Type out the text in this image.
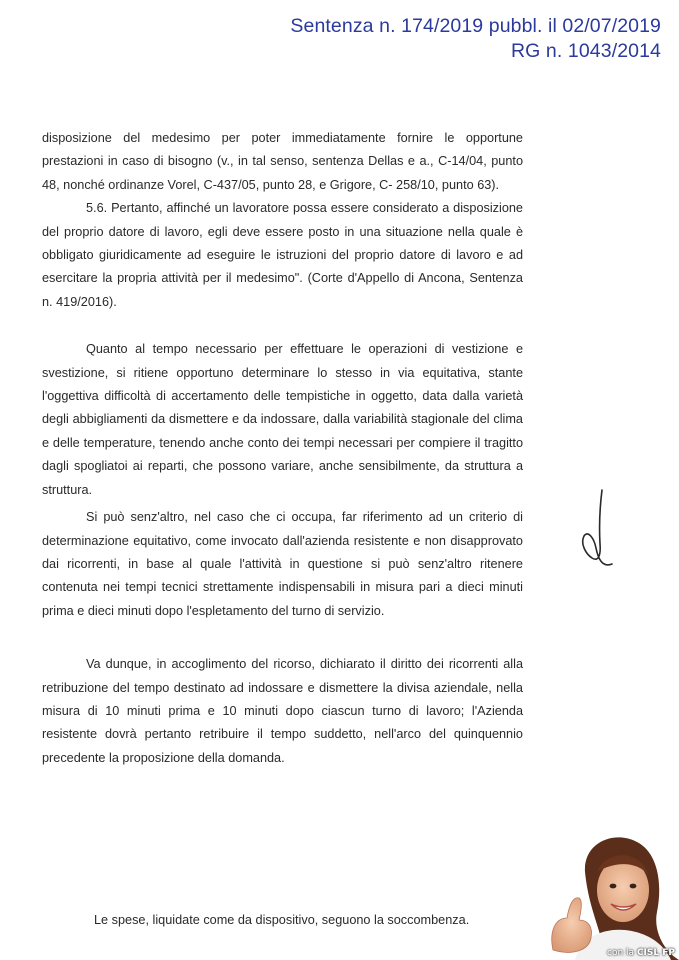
Sentenza n. 174/2019 pubbl. il 02/07/2019
RG n. 1043/2014

disposizione del medesimo per poter immediatamente fornire le opportune prestazioni in caso di bisogno (v., in tal senso, sentenza Dellas e a., C-14/04, punto 48, nonché ordinanze Vorel, C-437/05, punto 28, e Grigore, C- 258/10, punto 63).

5.6. Pertanto, affinché un lavoratore possa essere considerato a disposizione del proprio datore di lavoro, egli deve essere posto in una situazione nella quale è obbligato giuridicamente ad eseguire le istruzioni del proprio datore di lavoro e ad esercitare la propria attività per il medesimo". (Corte d'Appello di Ancona, Sentenza n. 419/2016).

Quanto al tempo necessario per effettuare le operazioni di vestizione e svestizione, si ritiene opportuno determinare lo stesso in via equitativa, stante l'oggettiva difficoltà di accertamento delle tempistiche in oggetto, data dalla varietà degli abbigliamenti da dismettere e da indossare, dalla variabilità stagionale del clima e delle temperature, tenendo anche conto dei tempi necessari per compiere il tragitto dagli spogliatoi ai reparti, che possono variare, anche sensibilmente, da struttura a struttura.

Si può senz'altro, nel caso che ci occupa, far riferimento ad un criterio di determinazione equitativo, come invocato dall'azienda resistente e non disapprovato dai ricorrenti, in base al quale l'attività in questione si può senz'altro ritenere contenuta nei tempi tecnici strettamente indispensabili in misura pari a dieci minuti prima e dieci minuti dopo l'espletamento del turno di servizio.

Va dunque, in accoglimento del ricorso, dichiarato il diritto dei ricorrenti alla retribuzione del tempo destinato ad indossare e dismettere la divisa aziendale, nella misura di 10 minuti prima e 10 minuti dopo ciascun turno di lavoro; l'Azienda resistente dovrà pertanto retribuire il tempo suddetto, nell'arco del quinquennio precedente la proposizione della domanda.

Le spese, liquidate come da dispositivo, seguono la soccombenza.
con la CISL FP
